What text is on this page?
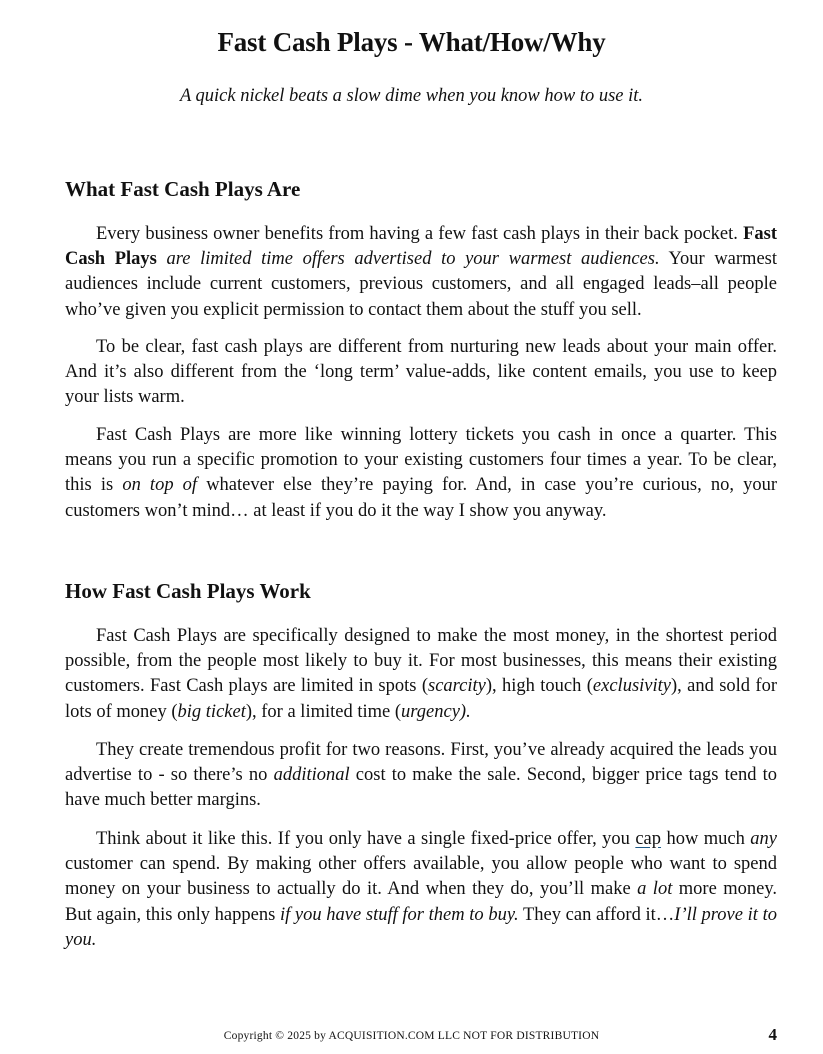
Fast Cash Plays - What/How/Why
A quick nickel beats a slow dime when you know how to use it.
What Fast Cash Plays Are

Every business owner benefits from having a few fast cash plays in their back pocket. Fast Cash Plays are limited time offers advertised to your warmest audiences. Your warmest audiences include current customers, previous customers, and all engaged leads–all people who’ve given you explicit permission to contact them about the stuff you sell.

To be clear, fast cash plays are different from nurturing new leads about your main offer. And it’s also different from the ‘long term’ value-adds, like content emails, you use to keep your lists warm.

Fast Cash Plays are more like winning lottery tickets you cash in once a quarter. This means you run a specific promotion to your existing customers four times a year. To be clear, this is on top of whatever else they’re paying for. And, in case you’re curious, no, your customers won’t mind… at least if you do it the way I show you anyway.

How Fast Cash Plays Work

Fast Cash Plays are specifically designed to make the most money, in the shortest period possible, from the people most likely to buy it. For most businesses, this means their existing customers. Fast Cash plays are limited in spots (scarcity), high touch (exclusivity), and sold for lots of money (big ticket), for a limited time (urgency).

They create tremendous profit for two reasons. First, you’ve already acquired the leads you advertise to - so there’s no additional cost to make the sale. Second, bigger price tags tend to have much better margins.

Think about it like this. If you only have a single fixed-price offer, you cap how much any customer can spend. By making other offers available, you allow people who want to spend money on your business to actually do it. And when they do, you’ll make a lot more money. But again, this only happens if you have stuff for them to buy. They can afford it…I’ll prove it to you.

Copyright © 2025 by ACQUISITION.COM LLC NOT FOR DISTRIBUTION	4
